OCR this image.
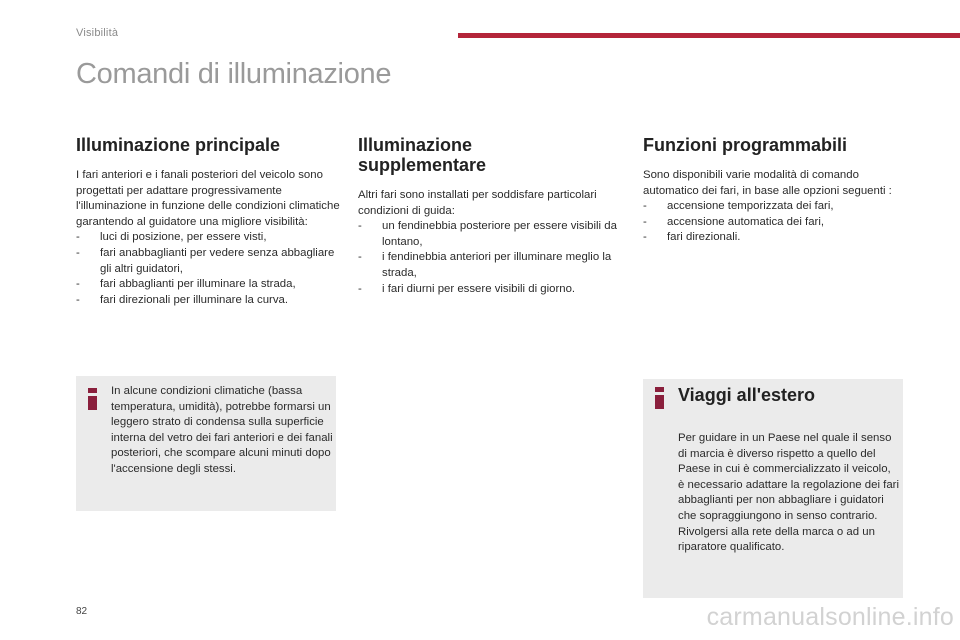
Visibilità
Comandi di illuminazione
Illuminazione principale

I fari anteriori e i fanali posteriori del veicolo sono progettati per adattare progressivamente l'illuminazione in funzione delle condizioni climatiche garantendo al guidatore una migliore visibilità:

- luci di posizione, per essere visti,
- fari anabbaglianti per vedere senza abbagliare gli altri guidatori,
- fari abbaglianti per illuminare la strada,
- fari direzionali per illuminare la curva.
Illuminazione
supplementare

Altri fari sono installati per soddisfare particolari condizioni di guida:

- un fendinebbia posteriore per essere visibili da lontano,
- i fendinebbia anteriori per illuminare meglio la strada,
- i fari diurni per essere visibili di giorno.
Funzioni programmabili

Sono disponibili varie modalità di comando automatico dei fari, in base alle opzioni seguenti :

- accensione temporizzata dei fari,
- accensione automatica dei fari,
- fari direzionali.

In alcune condizioni climatiche (bassa temperatura, umidità), potrebbe formarsi un leggero strato di condensa sulla superficie interna del vetro dei fari anteriori e dei fanali posteriori, che scompare alcuni minuti dopo l'accensione degli stessi.

Viaggi all'estero

Per guidare in un Paese nel quale il senso di marcia è diverso rispetto a quello del Paese in cui è commercializzato il veicolo, è necessario adattare la regolazione dei fari abbaglianti per non abbagliare i guidatori che sopraggiungono in senso contrario.
Rivolgersi alla rete della marca o ad un riparatore qualificato.

82	carmanualsonline.info
